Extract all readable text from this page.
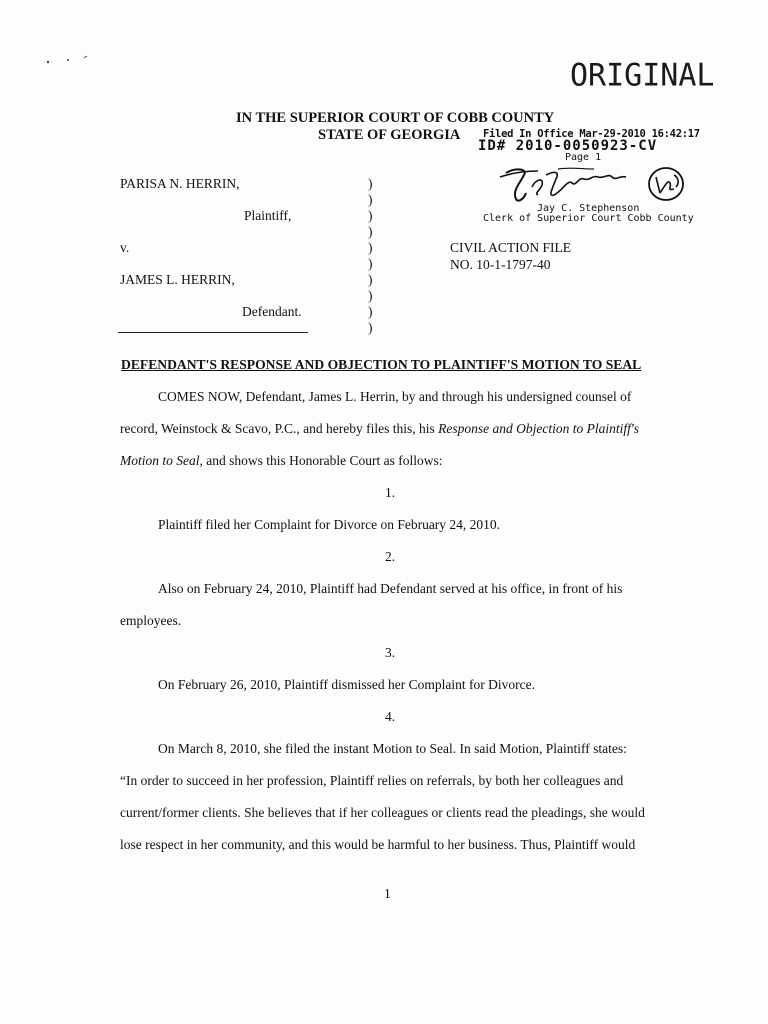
ORIGINAL
IN THE SUPERIOR COURT OF COBB COUNTY
STATE OF GEORGIA Filed In Office Mar-29-2010 16:42:17
ID# 2010-0050923-CV
Page 1
PARISA N. HERRIN,
Plaintiff,
v.
JAMES L. HERRIN,
Defendant.
)
)
)
)
)
)
)
)
)
)
Jay C. Stephenson
Clerk of Superior Court Cobb County
CIVIL ACTION FILE
NO. 10-1-1797-40
DEFENDANT'S RESPONSE AND OBJECTION TO PLAINTIFF'S MOTION TO SEAL
COMES NOW, Defendant, James L. Herrin, by and through his undersigned counsel of
record, Weinstock & Scavo, P.C., and hereby files this, his Response and Objection to Plaintiff's
Motion to Seal, and shows this Honorable Court as follows:
1.
Plaintiff filed her Complaint for Divorce on February 24, 2010.
2.
Also on February 24, 2010, Plaintiff had Defendant served at his office, in front of his
employees.
3.
On February 26, 2010, Plaintiff dismissed her Complaint for Divorce.
4.
On March 8, 2010, she filed the instant Motion to Seal. In said Motion, Plaintiff states:
“In order to succeed in her profession, Plaintiff relies on referrals, by both her colleagues and
current/former clients. She believes that if her colleagues or clients read the pleadings, she would
lose respect in her community, and this would be harmful to her business. Thus, Plaintiff would
1
